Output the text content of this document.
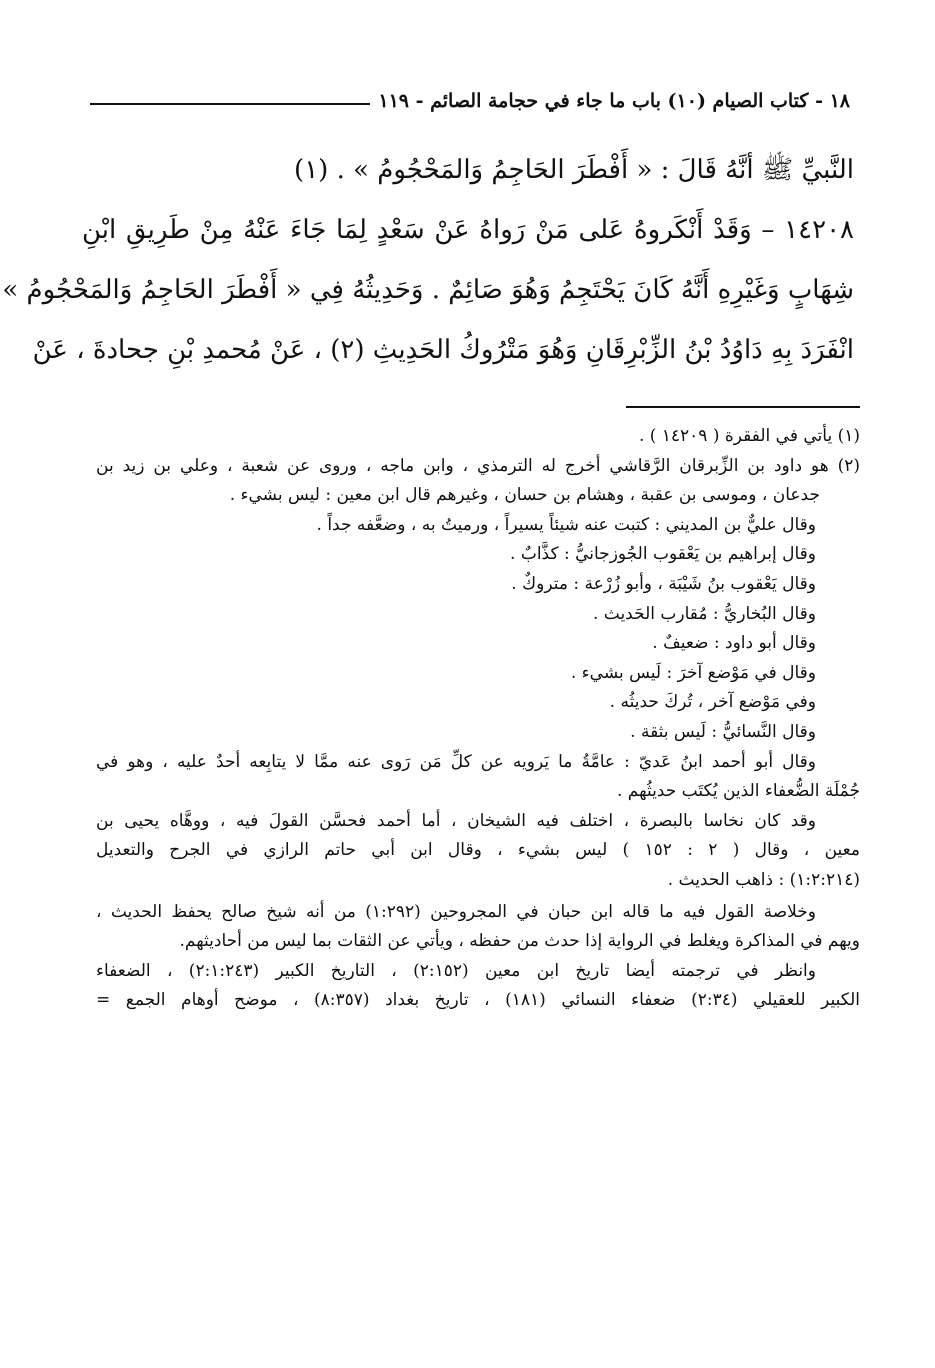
١٨ - كتاب الصيام (١٠) باب ما جاء في حجامة الصائم - ١١٩
النَّبيِّ ﷺ أنَّهُ قَالَ : « أَفْطَرَ الحَاجِمُ وَالمَحْجُومُ » . (١)
١٤٢٠٨ – وَقَدْ أَنْكَروهُ عَلى مَنْ رَواهُ عَنْ سَعْدٍ لِمَا جَاءَ عَنْهُ مِنْ طَرِيقِ ابْنِ
شِهَابٍ وَغَيْرِهِ أَنَّهُ كَانَ يَحْتَجِمُ وَهُوَ صَائِمٌ . وَحَدِيثُهُ فِي « أَفْطَرَ الحَاجِمُ وَالمَحْجُومُ »
انْفَرَدَ بِهِ دَاوُدُ بْنُ الزِّبْرِقَانِ وَهُوَ مَتْرُوكُ الحَدِيثِ (٢) ، عَنْ مُحمدِ بْنِ جحادةَ ، عَنْ
(١) يأتي في الفقرة ( ١٤٢٠٩ ) .
(٢) هو داود بن الزِّبرقان الرَّقاشي أخرج له الترمذي ، وابن ماجه ، وروى عن شعبة ، وعلي بن زيد بن
جدعان ، وموسى بن عقبة ، وهشام بن حسان ، وغيرهم قال ابن معين : ليس بشيء .
وقال عليٌّ بن المديني : كتبت عنه شيئاً يسيراً ، ورميتُ به ، وضعَّفه جداً .
وقال إبراهيم بن يَعْقوب الجُوزجانيُّ : كذَّابٌ .
وقال يَعْقوب بنُ شَيْبَة ، وأبو زُرْعة : متروكٌ .
وقال البُخاريُّ : مُقارب الحَديث .
وقال أبو داود : ضعيفٌ .
وقال في مَوْضع آخرَ : لَيس بشيء .
وفي مَوْضع آخر ، تُركَ حديثُه .
وقال النَّسائيُّ : لَيس بثقة .
وقال أبو أحمد ابنُ عَديّ : عامَّةُ ما يَرويه عن كلِّ مَن رَوى عنه ممَّا لا يتابِعه أحدٌ عليه ، وهو في
جُمْلَة الضُّعفاء الذين يُكتَب حديثُهم .
وقد كان نخاسا بالبصرة ، اختلف فيه الشيخان ، أما أحمد فحسَّن القولَ فيه ، ووهَّاه يحيى بن
معين ، وقال ( ٢ : ١٥٢ ) ليس بشيء ، وقال ابن أبي حاتم الرازي في الجرح والتعديل
(١:٢:٢١٤) : ذاهب الحديث .
وخلاصة القول فيه ما قاله ابن حبان في المجروحين (١:٢٩٢) من أنه شيخ صالح يحفظ الحديث ،
ويهم في المذاكرة ويغلط في الرواية إذا حدث من حفظه ، ويأتي عن الثقات بما ليس من أحاديثهم.
وانظر في ترجمته أيضا تاريخ ابن معين (٢:١٥٢) ، التاريخ الكبير (٢:١:٢٤٣) ، الضعفاء
الكبير للعقيلي (٢:٣٤) ضعفاء النسائي (١٨١) ، تاريخ بغداد (٨:٣٥٧) ، موضح أوهام الجمع =
